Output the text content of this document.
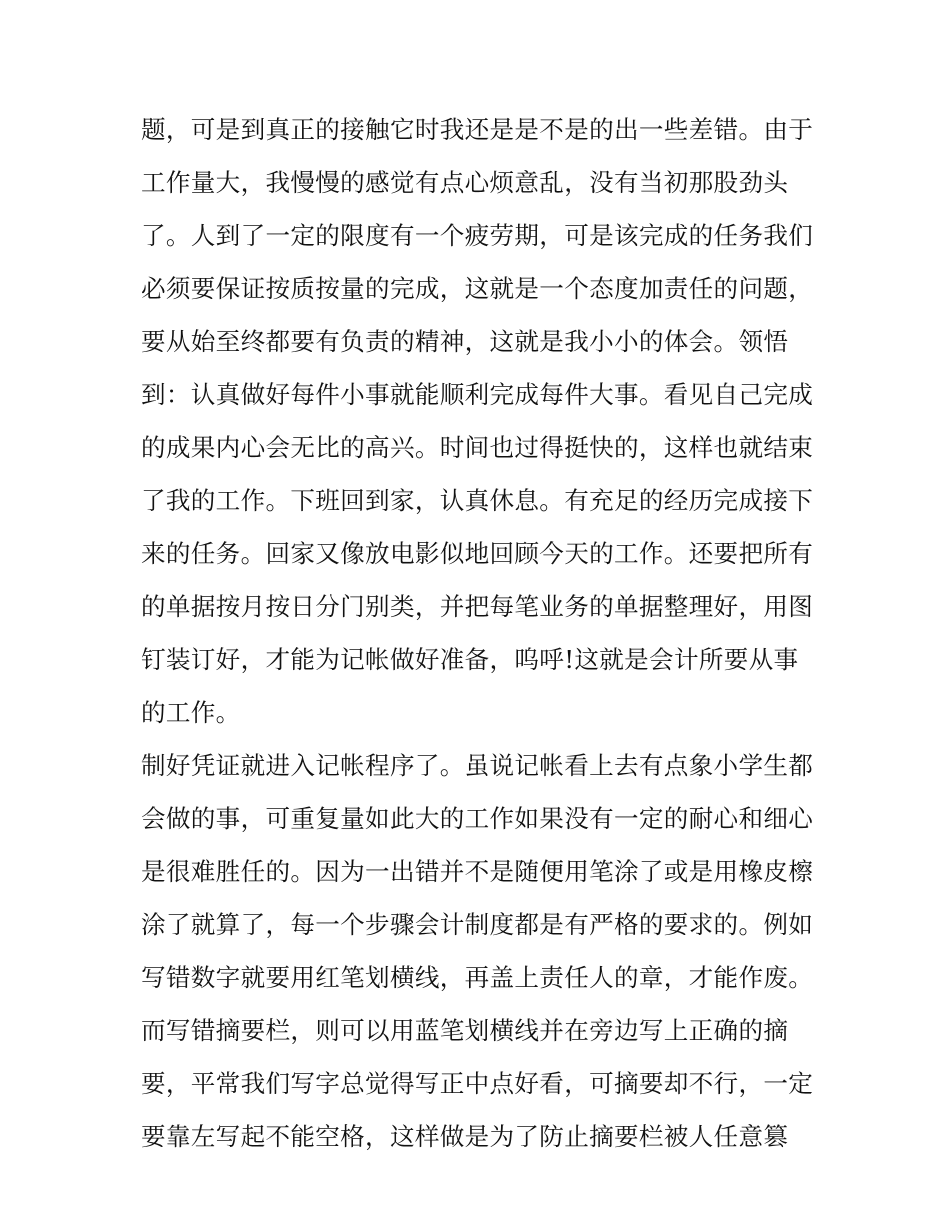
题，可是到真正的接触它时我还是是不是的出一些差错。由于
工作量大，我慢慢的感觉有点心烦意乱，没有当初那股劲头
了。人到了一定的限度有一个疲劳期，可是该完成的任务我们
必须要保证按质按量的完成，这就是一个态度加责任的问题，
要从始至终都要有负责的精神，这就是我小小的体会。领悟
到：认真做好每件小事就能顺利完成每件大事。看见自己完成
的成果内心会无比的高兴。时间也过得挺快的，这样也就结束
了我的工作。下班回到家，认真休息。有充足的经历完成接下
来的任务。回家又像放电影似地回顾今天的工作。还要把所有
的单据按月按日分门别类，并把每笔业务的单据整理好，用图
钉装订好，才能为记帐做好准备，呜呼!这就是会计所要从事
的工作。
制好凭证就进入记帐程序了。虽说记帐看上去有点象小学生都
会做的事，可重复量如此大的工作如果没有一定的耐心和细心
是很难胜任的。因为一出错并不是随便用笔涂了或是用橡皮檫
涂了就算了，每一个步骤会计制度都是有严格的要求的。例如
写错数字就要用红笔划横线，再盖上责任人的章，才能作废。
而写错摘要栏，则可以用蓝笔划横线并在旁边写上正确的摘
要，平常我们写字总觉得写正中点好看，可摘要却不行，一定
要靠左写起不能空格，这样做是为了防止摘要栏被人任意篡
